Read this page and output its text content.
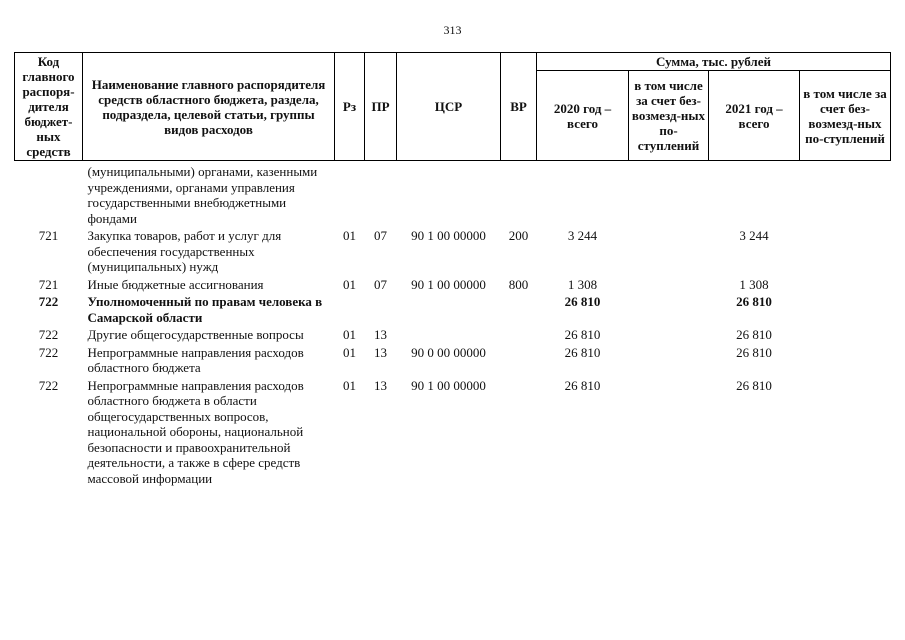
313
Код главного распоря-дителя бюджет-ных средств	Наименование главного распорядителя средств областного бюджета, раздела, подраздела, целевой статьи, группы видов расходов	Рз	ПР	ЦСР	ВР	Сумма, тыс. рублей			
						2020 год – всего	в том числе за счет без-возмезд-ных по-ступлений	2021 год – всего	в том числе за счет без-возмезд-ных по-ступлений
	(муниципальными) органами, казенными учреждениями, органами управления государственными внебюджетными фондами								
721	Закупка товаров, работ и услуг для обеспечения государственных (муниципальных) нужд	01	07	90 1 00 00000	200	3 244		3 244	
721	Иные бюджетные ассигнования	01	07	90 1 00 00000	800	1 308		1 308	
722	Уполномоченный по правам человека в Самарской области					26 810		26 810	
722	Другие общегосударственные вопросы	01	13			26 810		26 810	
722	Непрограммные направления расходов областного бюджета	01	13	90 0 00 00000		26 810		26 810	
722	Непрограммные направления расходов областного бюджета в области общегосударственных вопросов, национальной обороны, национальной безопасности и правоохранительной деятельности, а также в сфере средств массовой информации	01	13	90 1 00 00000		26 810		26 810	
